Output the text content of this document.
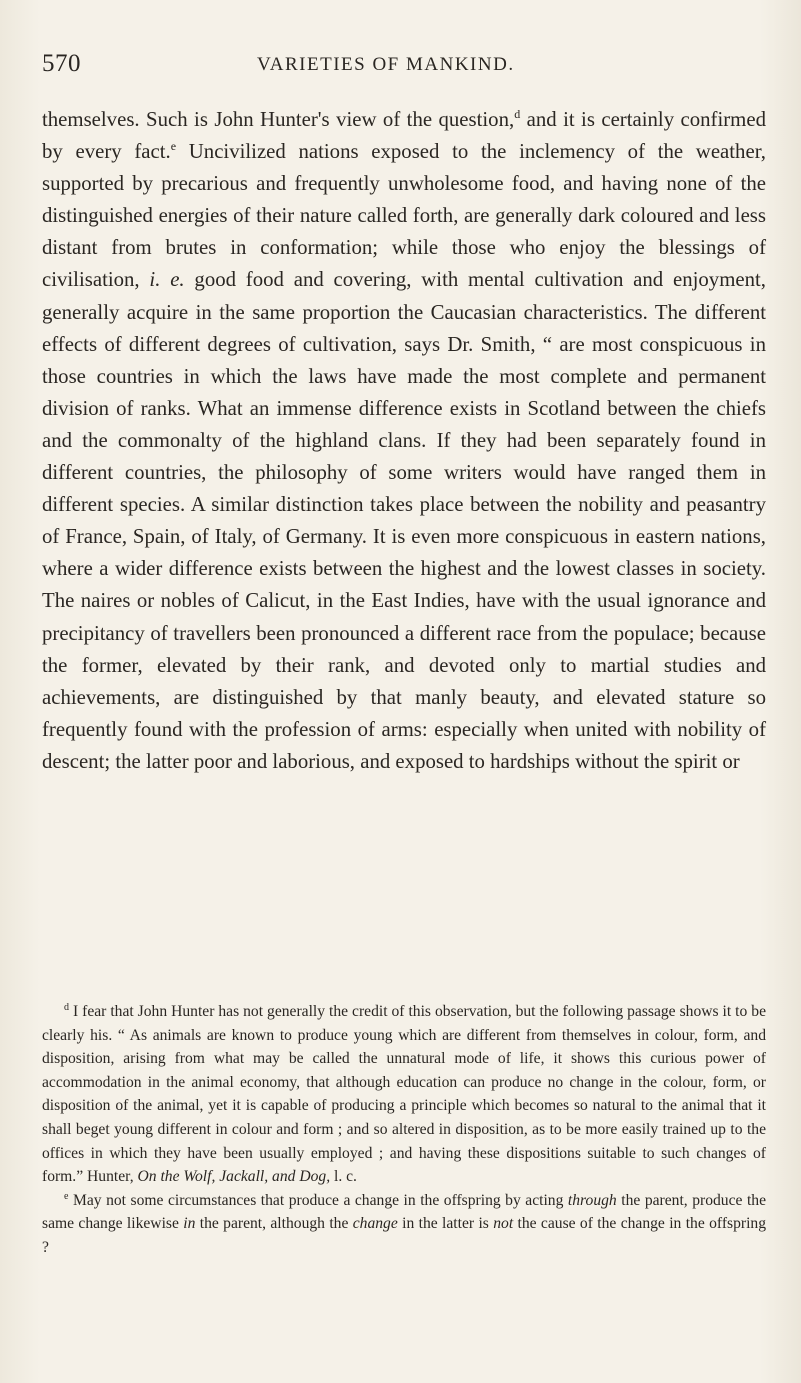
570	VARIETIES OF MANKIND.

themselves. Such is John Hunter's view of the question,$^d$ and it is certainly confirmed by every fact.$^e$ Uncivilized nations exposed to the inclemency of the weather, supported by precarious and frequently unwholesome food, and having none of the distinguished energies of their nature called forth, are generally dark coloured and less distant from brutes in conformation; while those who enjoy the blessings of civilisation, i. e. good food and covering, with mental cultivation and enjoyment, generally acquire in the same proportion the Caucasian characteristics. The different effects of different degrees of cultivation, says Dr. Smith, “ are most conspicuous in those countries in which the laws have made the most complete and permanent division of ranks. What an immense difference exists in Scotland between the chiefs and the commonalty of the highland clans. If they had been separately found in different countries, the philosophy of some writers would have ranged them in different species. A similar distinction takes place between the nobility and peasantry of France, Spain, of Italy, of Germany. It is even more conspicuous in eastern nations, where a wider difference exists between the highest and the lowest classes in society. The naires or nobles of Calicut, in the East Indies, have with the usual ignorance and precipitancy of travellers been pronounced a different race from the populace; because the former, elevated by their rank, and devoted only to martial studies and achievements, are distinguished by that manly beauty, and elevated stature so frequently found with the profession of arms: especially when united with nobility of descent; the latter poor and laborious, and exposed to hardships without the spirit or

$^d$ I fear that John Hunter has not generally the credit of this observation, but the following passage shows it to be clearly his. “ As animals are known to produce young which are different from themselves in colour, form, and disposition, arising from what may be called the unnatural mode of life, it shows this curious power of accommodation in the animal economy, that although education can produce no change in the colour, form, or disposition of the animal, yet it is capable of producing a principle which becomes so natural to the animal that it shall beget young different in colour and form ; and so altered in disposition, as to be more easily trained up to the offices in which they have been usually employed ; and having these dispositions suitable to such changes of form.” Hunter, On the Wolf, Jackall, and Dog, l. c.

$^e$ May not some circumstances that produce a change in the offspring by acting through the parent, produce the same change likewise in the parent, although the change in the latter is not the cause of the change in the offspring ?
